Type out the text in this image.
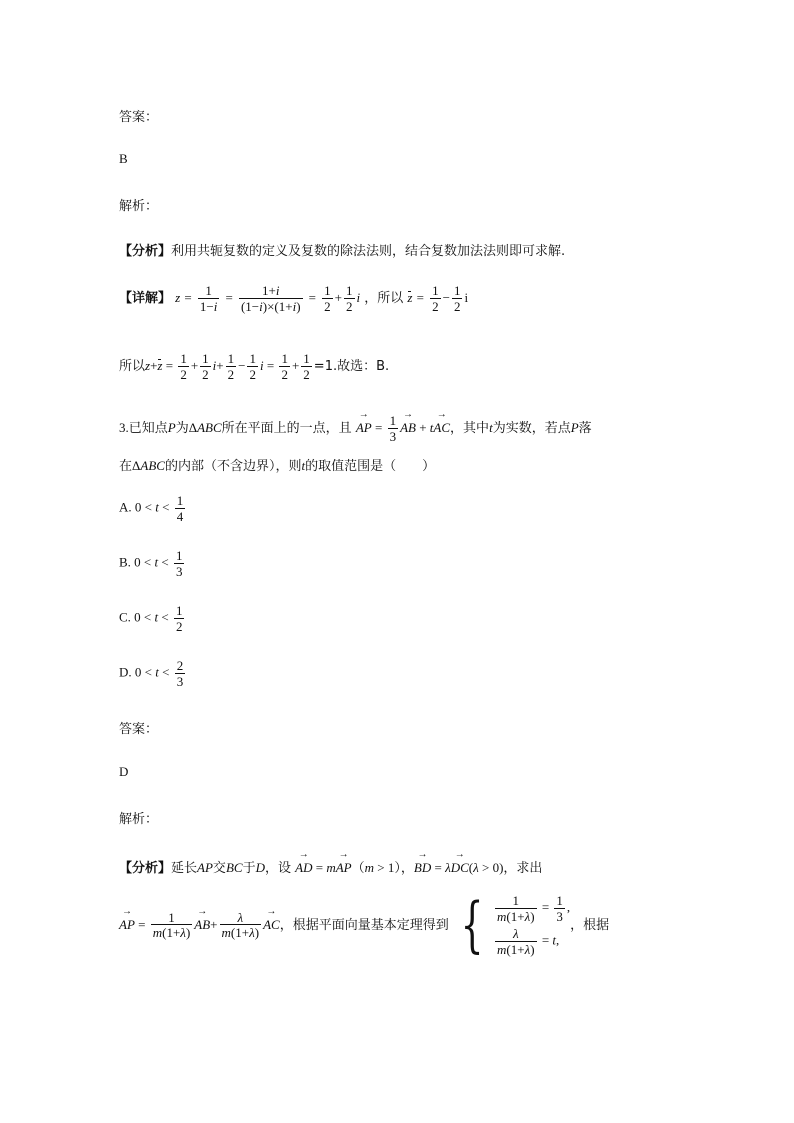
答案：
B
解析：
【分析】利用共轭复数的定义及复数的除法法则，结合复数加法法则即可求解.
【详解】 $z = \frac{1}{1-i} = \frac{1+i}{(1-i)\times(1+i)} = \frac{1}{2} + \frac{1}{2}$ i ，所以 $z = \frac{1}{2} - \frac{1}{2}$ i
所以$z+z = \frac{1}{2} + \frac{1}{2} i+ \frac{1}{2} - \frac{1}{2}$ $i = \frac{1}{2} + \frac{1}{2} =1$.故选：B.
3.已知点P为ΔABC所在平面上的一点，且 → AP = $\frac{1}{3}$
→ AB + t→ AC，其中t为实数，若点P落
在ΔABC的内部（不含边界），则t的取值范围是（　　）
A. $0 < t < \frac{1}{4}$
B. $0 < t < \frac{1}{3}$
C. $0 < t < \frac{1}{2}$
D. $0 < t < \frac{2}{3}$
答案：
D
解析：
【分析】延长AP交BC于D，设 → AD = m→ AP（m > 1），→ BD = λ→ DC(λ > 0)，求出
→ AP = $\frac{1}{m(1+\lambda)}$
→ $AB+ \frac{\lambda}{m(1+\lambda)}$
→ AC，根据平面向量基本定理得到 { $\frac{1}{m(1+\lambda)} = \frac{1}{3}$ ,
$\frac{\lambda}{m(1+\lambda)} = t$,
，根据
